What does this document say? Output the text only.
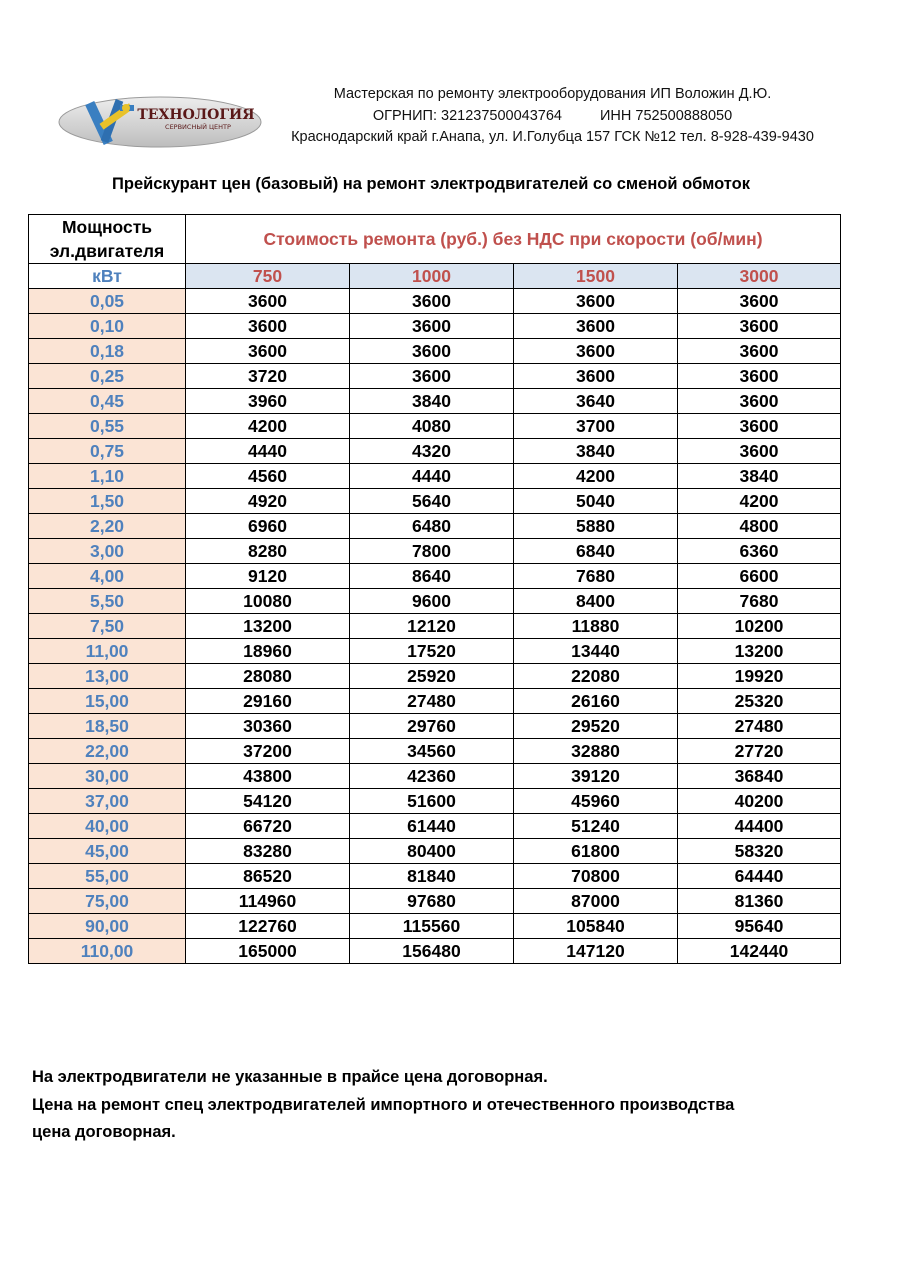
ТЕХНОЛОГИЯ
СЕРВИСНЫЙ ЦЕНТР
Мастерская по ремонту электрооборудования ИП Воложин Д.Ю.
ОГРНИП: 321237500043764	ИНН 752500888050
Краснодарский край г.Анапа, ул. И.Голубца 157 ГСК №12 тел. 8-928-439-9430
Прейскурант цен (базовый) на ремонт электродвигателей со сменой обмоток
Мощность
эл.двигателя	Стоимость ремонта (руб.) без НДС при скорости (об/мин)			
кВт	750	1000	1500	3000
0,05	3600	3600	3600	3600
0,10	3600	3600	3600	3600
0,18	3600	3600	3600	3600
0,25	3720	3600	3600	3600
0,45	3960	3840	3640	3600
0,55	4200	4080	3700	3600
0,75	4440	4320	3840	3600
1,10	4560	4440	4200	3840
1,50	4920	5640	5040	4200
2,20	6960	6480	5880	4800
3,00	8280	7800	6840	6360
4,00	9120	8640	7680	6600
5,50	10080	9600	8400	7680
7,50	13200	12120	11880	10200
11,00	18960	17520	13440	13200
13,00	28080	25920	22080	19920
15,00	29160	27480	26160	25320
18,50	30360	29760	29520	27480
22,00	37200	34560	32880	27720
30,00	43800	42360	39120	36840
37,00	54120	51600	45960	40200
40,00	66720	61440	51240	44400
45,00	83280	80400	61800	58320
55,00	86520	81840	70800	64440
75,00	114960	97680	87000	81360
90,00	122760	115560	105840	95640
110,00	165000	156480	147120	142440
На электродвигатели не указанные в прайсе цена договорная.
Цена на ремонт спец электродвигателей импортного и отечественного производства
цена договорная.
